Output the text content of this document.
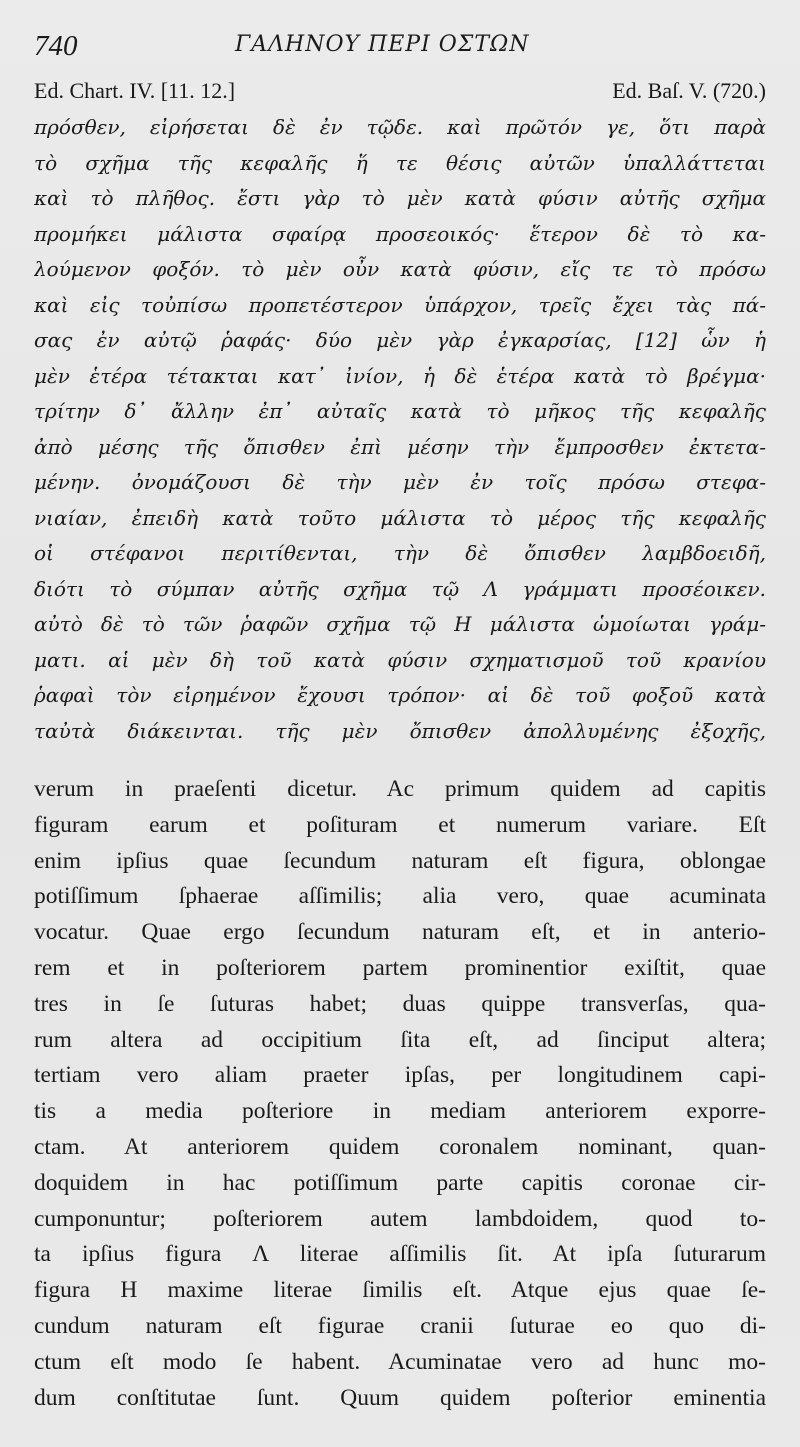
740	ΓΑΛΗΝΟΥ ΠΕΡΙ ΟΣΤΩΝ
Ed. Chart. IV. [11. 12.]	Ed. Baſ. V. (720.)
πρόσθεν, εἰρήσεται δὲ ἐν τῷδε. καὶ πρῶτόν γε, ὅτι παρὰ
τὸ σχῆμα τῆς κεφαλῆς ἥ τε θέσις αὐτῶν ὑπαλλάττεται
καὶ τὸ πλῆθος. ἔστι γὰρ τὸ μὲν κατὰ φύσιν αὐτῆς σχῆμα
προμήκει μάλιστα σφαίρᾳ προσεοικός· ἕτερον δὲ τὸ κα-
λούμενον φοξόν. τὸ μὲν οὖν κατὰ φύσιν, εἴς τε τὸ πρόσω
καὶ εἰς τοὐπίσω προπετέστερον ὑπάρχον, τρεῖς ἔχει τὰς πά-
σας ἐν αὐτῷ ῥαφάς· δύο μὲν γὰρ ἐγκαρσίας, [12] ὧν ἡ
μὲν ἑτέρα τέτακται κατ᾽ ἰνίον, ἡ δὲ ἑτέρα κατὰ τὸ βρέγμα·
τρίτην δ᾽ ἄλλην ἐπ᾽ αὐταῖς κατὰ τὸ μῆκος τῆς κεφαλῆς
ἀπὸ μέσης τῆς ὄπισθεν ἐπὶ μέσην τὴν ἔμπροσθεν ἐκτετα-
μένην. ὀνομάζουσι δὲ τὴν μὲν ἐν τοῖς πρόσω στεφα-
νιαίαν, ἐπειδὴ κατὰ τοῦτο μάλιστα τὸ μέρος τῆς κεφαλῆς
οἱ στέφανοι περιτίθενται, τὴν δὲ ὄπισθεν λαμβδοειδῆ,
διότι τὸ σύμπαν αὐτῆς σχῆμα τῷ Λ γράμματι προσέοικεν.
αὐτὸ δὲ τὸ τῶν ῥαφῶν σχῆμα τῷ Η μάλιστα ὡμοίωται γράμ-
ματι. αἱ μὲν δὴ τοῦ κατὰ φύσιν σχηματισμοῦ τοῦ κρανίου
ῥαφαὶ τὸν εἰρημένον ἔχουσι τρόπον· αἱ δὲ τοῦ φοξοῦ κατὰ
ταὐτὰ διάκεινται. τῆς μὲν ὄπισθεν ἀπολλυμένης ἐξοχῆς,
verum in praeſenti dicetur. Ac primum quidem ad capitis
figuram earum et poſituram et numerum variare. Eſt
enim ipſius quae ſecundum naturam eſt figura, oblongae
potiſſimum ſphaerae aſſimilis; alia vero, quae acuminata
vocatur. Quae ergo ſecundum naturam eſt, et in anterio-
rem et in poſteriorem partem prominentior exiſtit, quae
tres in ſe ſuturas habet; duas quippe transverſas, qua-
rum altera ad occipitium ſita eſt, ad ſinciput altera;
tertiam vero aliam praeter ipſas, per longitudinem capi-
tis a media poſteriore in mediam anteriorem exporre-
ctam. At anteriorem quidem coronalem nominant, quan-
doquidem in hac potiſſimum parte capitis coronae cir-
cumponuntur; poſteriorem autem lambdoidem, quod to-
ta ipſius figura Λ literae aſſimilis ſit. At ipſa ſuturarum
figura H maxime literae ſimilis eſt. Atque ejus quae ſe-
cundum naturam eſt figurae cranii ſuturae eo quo di-
ctum eſt modo ſe habent. Acuminatae vero ad hunc mo-
dum conſtitutae ſunt. Quum quidem poſterior eminentia
